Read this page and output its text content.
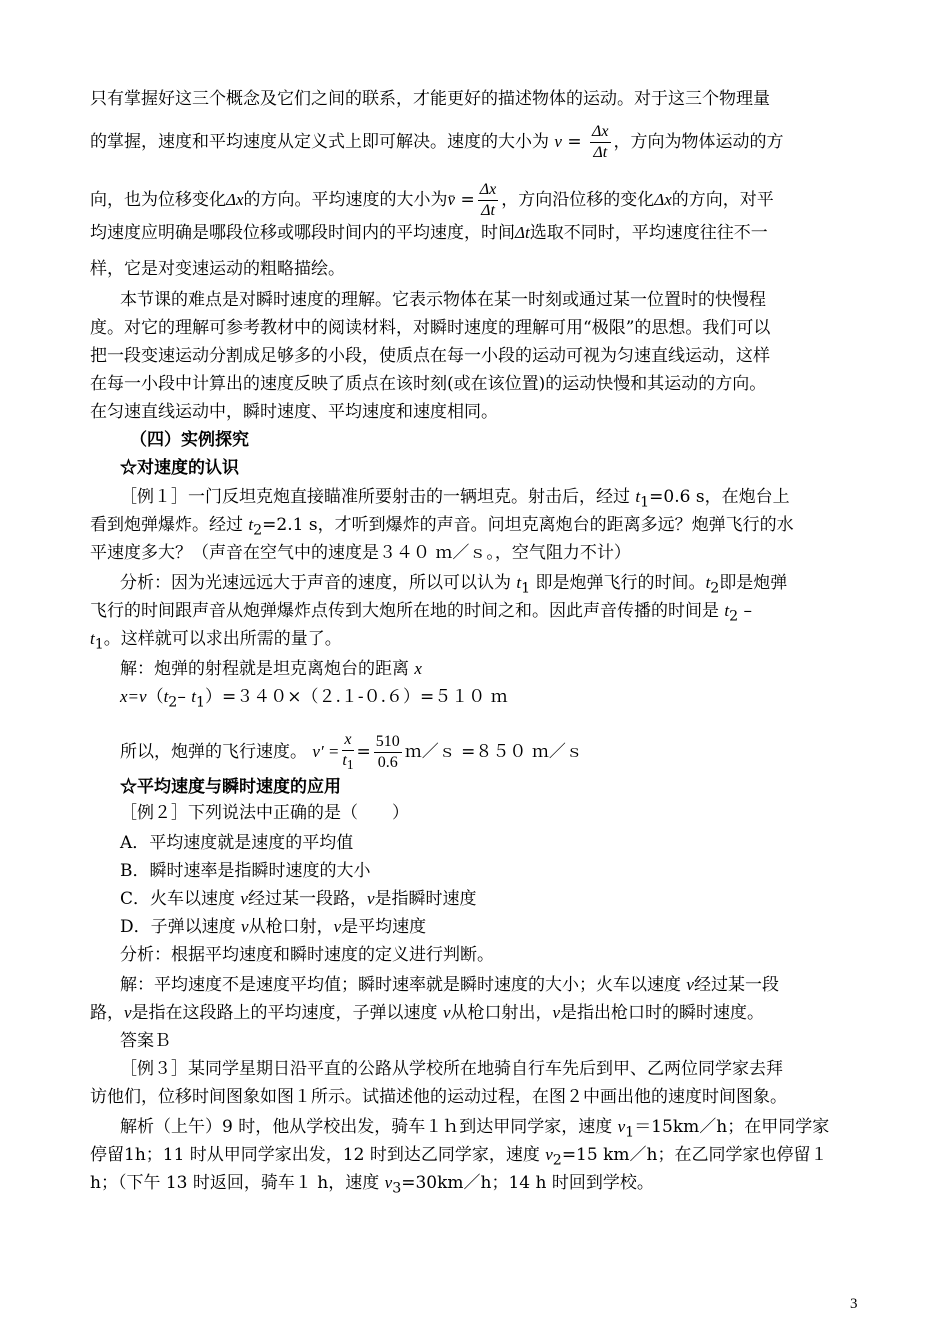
只有掌握好这三个概念及它们之间的联系，才能更好的描述物体的运动。对于这三个物理量
的掌握，速度和平均速度从定义式上即可解决。速度的大小为 $v = \frac{\Delta x}{\Delta t}$ ，方向为物体运动的方
向，也为位移变化Δx的方向。平均速度的大小为v̄ = $\frac{\Delta x}{\Delta t}$ ，方向沿位移的变化Δx的方向，对平
均速度应明确是哪段位移或哪段时间内的平均速度，时间Δt选取不同时，平均速度往往不一
样，它是对变速运动的粗略描绘。
本节课的难点是对瞬时速度的理解。它表示物体在某一时刻或通过某一位置时的快慢程
度。对它的理解可参考教材中的阅读材料，对瞬时速度的理解可用“极限”的思想。我们可以
把一段变速运动分割成足够多的小段，使质点在每一小段的运动可视为匀速直线运动，这样
在每一小段中计算出的速度反映了质点在该时刻(或在该位置)的运动快慢和其运动的方向。
在匀速直线运动中，瞬时速度、平均速度和速度相同。
（四）实例探究
☆对速度的认识
［例１］一门反坦克炮直接瞄准所要射击的一辆坦克。射击后，经过 $t_1=0.6$ s，在炮台上
看到炮弹爆炸。经过 $t_2=2.1$ s，才听到爆炸的声音。问坦克离炮台的距离多远？炮弹飞行的水
平速度多大？（声音在空气中的速度是３４０ ｍ／ｓ。，空气阻力不计）
分析：因为光速远远大于声音的速度，所以可以认为 $t_1$ 即是炮弹飞行的时间。$t_2$即是炮弹
飞行的时间跟声音从炮弹爆炸点传到大炮所在地的时间之和。因此声音传播的时间是 $t_2$ –
$t_1$。这样就可以求出所需的量了。
解：炮弹的射程就是坦克离炮台的距离 x
$x=v(t_2-$ $t_1)=340\times(2.1-0.6)=510$ ｍ
所以，炮弹的飞行速度。 $v' = \frac{x}{t_1} = \frac{510}{0.6}$ ｍ／ｓ =８５０ ｍ／ｓ
☆平均速度与瞬时速度的应用
［例２］下列说法中正确的是（　　）
A．平均速度就是速度的平均值
B．瞬时速率是指瞬时速度的大小
C．火车以速度 v经过某一段路，v是指瞬时速度
D．子弹以速度 v从枪口射，v是平均速度
分析：根据平均速度和瞬时速度的定义进行判断。
解：平均速度不是速度平均值；瞬时速率就是瞬时速度的大小；火车以速度 v经过某一段
路，v是指在这段路上的平均速度，子弹以速度 v从枪口射出，v是指出枪口时的瞬时速度。
答案Ｂ
［例３］某同学星期日沿平直的公路从学校所在地骑自行车先后到甲、乙两位同学家去拜
访他们，位移时间图象如图１所示。试描述他的运动过程，在图２中画出他的速度时间图象。
解析（上午）9 时，他从学校出发，骑车１ｈ到达甲同学家，速度 $v_1=15km/h$；在甲同学家
停留1h；11 时从甲同学家出发，12 时到达乙同学家，速度 $v_2=15$ km／h；在乙同学家也停留１
h；（下午 13 时返回，骑车１ h，速度 $v_3=30km/h$；14 h 时回到学校。
3
